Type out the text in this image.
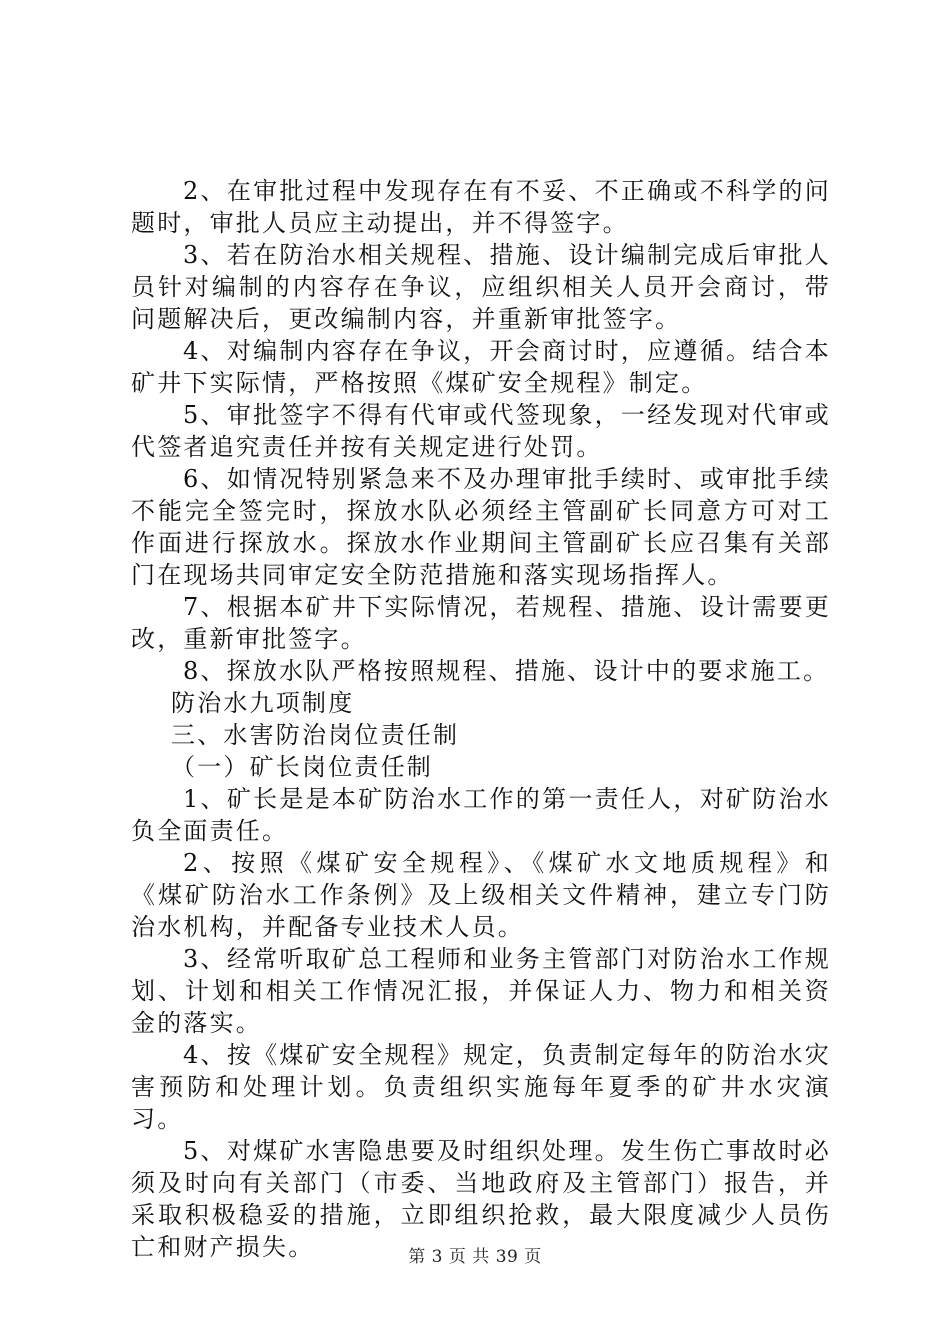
2、在审批过程中发现存在有不妥、不正确或不科学的问题时，审批人员应主动提出，并不得签字。

3、若在防治水相关规程、措施、设计编制完成后审批人员针对编制的内容存在争议，应组织相关人员开会商讨，带问题解决后，更改编制内容，并重新审批签字。

4、对编制内容存在争议，开会商讨时，应遵循。结合本矿井下实际情，严格按照《煤矿安全规程》制定。

5、审批签字不得有代审或代签现象，一经发现对代审或代签者追究责任并按有关规定进行处罚。

6、如情况特别紧急来不及办理审批手续时、或审批手续不能完全签完时，探放水队必须经主管副矿长同意方可对工作面进行探放水。探放水作业期间主管副矿长应召集有关部门在现场共同审定安全防范措施和落实现场指挥人。

7、根据本矿井下实际情况，若规程、措施、设计需要更改，重新审批签字。

8、探放水队严格按照规程、措施、设计中的要求施工。

防治水九项制度

三、水害防治岗位责任制

（一）矿长岗位责任制

1、矿长是是本矿防治水工作的第一责任人，对矿防治水负全面责任。

2、按照《煤矿安全规程》、《煤矿水文地质规程》和《煤矿防治水工作条例》及上级相关文件精神，建立专门防治水机构，并配备专业技术人员。

3、经常听取矿总工程师和业务主管部门对防治水工作规划、计划和相关工作情况汇报，并保证人力、物力和相关资金的落实。

4、按《煤矿安全规程》规定，负责制定每年的防治水灾害预防和处理计划。负责组织实施每年夏季的矿井水灾演习。

5、对煤矿水害隐患要及时组织处理。发生伤亡事故时必须及时向有关部门（市委、当地政府及主管部门）报告，并采取积极稳妥的措施，立即组织抢救，最大限度减少人员伤亡和财产损失。	第 3 页 共 39 页
